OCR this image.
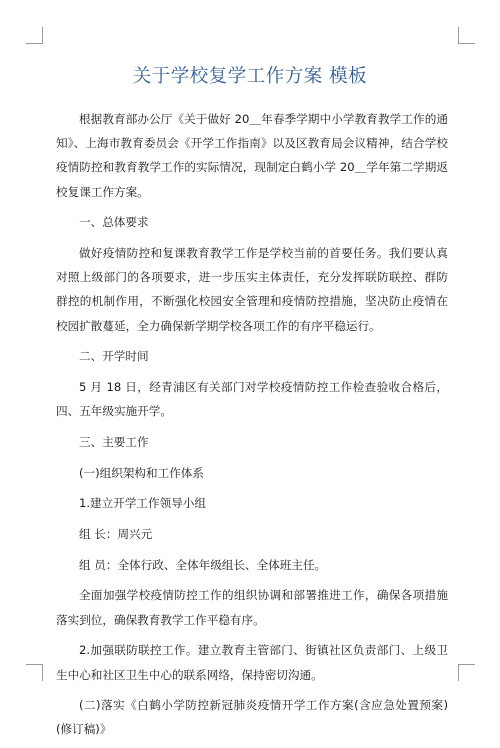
关于学校复学工作方案 模板

根据教育部办公厅《关于做好 20＿年春季学期中小学教育教学工作的通知》、上海市教育委员会《开学工作指南》以及区教育局会议精神，结合学校疫情防控和教育教学工作的实际情况，现制定白鹤小学 20＿学年第二学期返校复课工作方案。

一、总体要求

做好疫情防控和复课教育教学工作是学校当前的首要任务。我们要认真对照上级部门的各项要求，进一步压实主体责任，充分发挥联防联控、群防群控的机制作用，不断强化校园安全管理和疫情防控措施，坚决防止疫情在校园扩散蔓延，全力确保新学期学校各项工作的有序平稳运行。

二、开学时间

5 月 18 日，经青浦区有关部门对学校疫情防控工作检查验收合格后，四、五年级实施开学。

三、主要工作

(一)组织架构和工作体系

1.建立开学工作领导小组

组 长：周兴元

组 员：全体行政、全体年级组长、全体班主任。

全面加强学校疫情防控工作的组织协调和部署推进工作，确保各项措施落实到位，确保教育教学工作平稳有序。

2.加强联防联控工作。建立教育主管部门、街镇社区负责部门、上级卫生中心和社区卫生中心的联系网络，保持密切沟通。

(二)落实《白鹤小学防控新冠肺炎疫情开学工作方案(含应急处置预案)(修订稿)》
